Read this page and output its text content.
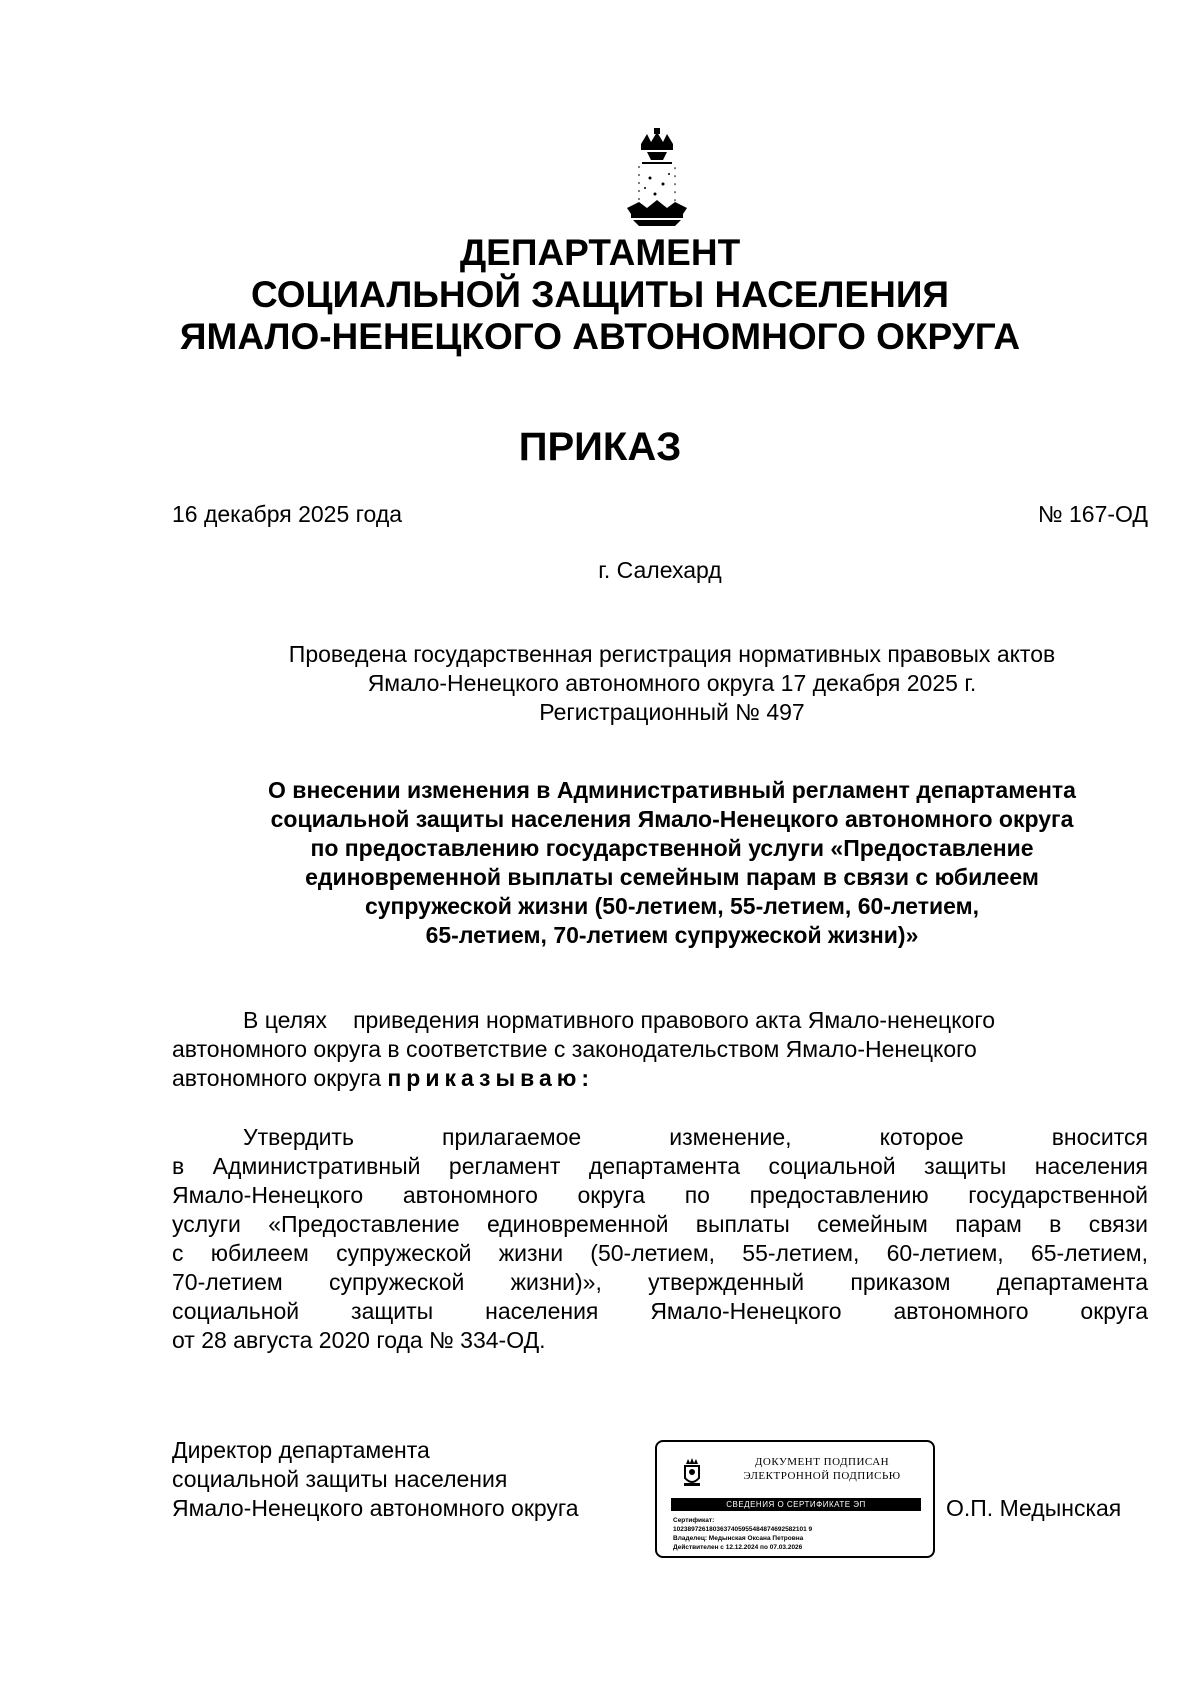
ДЕПАРТАМЕНТ
СОЦИАЛЬНОЙ ЗАЩИТЫ НАСЕЛЕНИЯ
ЯМАЛО-НЕНЕЦКОГО АВТОНОМНОГО ОКРУГА
ПРИКАЗ
16 декабря 2025 года	№ 167-ОД
г. Салехард
Проведена государственная регистрация нормативных правовых актов
Ямало-Ненецкого автономного округа 17 декабря 2025 г.
Регистрационный № 497
О внесении изменения в Административный регламент департамента
социальной защиты населения Ямало-Ненецкого автономного округа
по предоставлению государственной услуги «Предоставление
единовременной выплаты семейным парам в связи с юбилеем
супружеской жизни (50-летием, 55-летием, 60-летием,
65-летием, 70-летием супружеской жизни)»
В целях приведения нормативного правового акта Ямало-ненецкого
автономного округа в соответствие с законодательством Ямало-Ненецкого
автономного округа приказываю:
Утвердить прилагаемое изменение, которое вносится
в Административный регламент департамента социальной защиты населения
Ямало-Ненецкого автономного округа по предоставлению государственной
услуги «Предоставление единовременной выплаты семейным парам в связи
с юбилеем супружеской жизни (50-летием, 55-летием, 60-летием, 65-летием,
70-летием супружеской жизни)», утвержденный приказом департамента
социальной защиты населения Ямало-Ненецкого автономного округа
от 28 августа 2020 года № 334-ОД.
Директор департамента
социальной защиты населения
Ямало-Ненецкого автономного округа	О.П. Медынская
ДОКУМЕНТ ПОДПИСАН
ЭЛЕКТРОННОЙ ПОДПИСЬЮ
СВЕДЕНИЯ О СЕРТИФИКАТЕ ЭП
Сертификат:
1023897261803637405955484874692582101 9
Владелец: Медынская Оксана Петровна
Действителен с 12.12.2024 по 07.03.2026
